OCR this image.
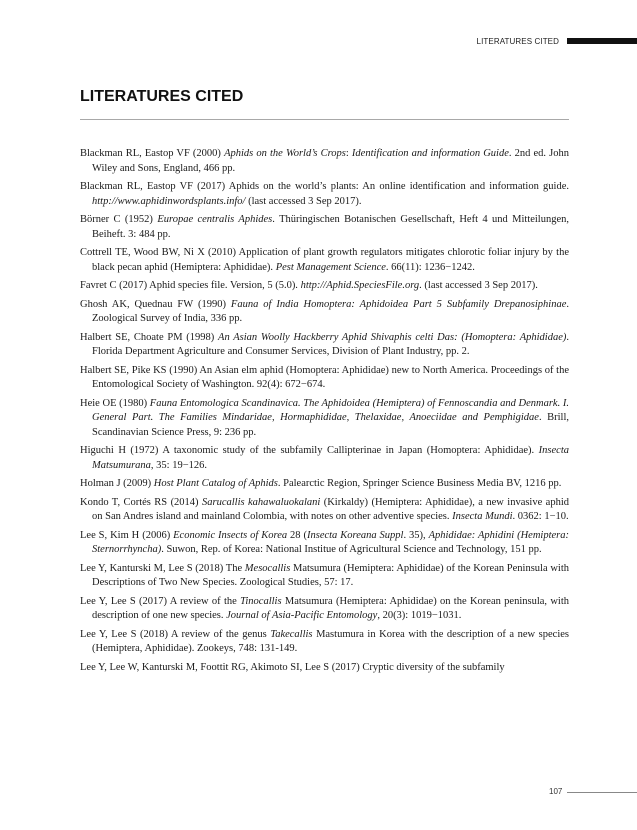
LITERATURES CITED
LITERATURES CITED
Blackman RL, Eastop VF (2000) Aphids on the World’s Crops: Identification and information Guide. 2nd ed. John Wiley and Sons, England, 466 pp.
Blackman RL, Eastop VF (2017) Aphids on the world’s plants: An online identification and information guide. http://www.aphidinwordsplants.info/ (last accessed 3 Sep 2017).
Börner C (1952) Europae centralis Aphides. Thüringischen Botanischen Gesellschaft, Heft 4 und Mitteilungen, Beiheft. 3: 484 pp.
Cottrell TE, Wood BW, Ni X (2010) Application of plant growth regulators mitigates chlorotic foliar injury by the black pecan aphid (Hemiptera: Aphididae). Pest Management Science. 66(11): 1236−1242.
Favret C (2017) Aphid species file. Version, 5 (5.0). http://Aphid.SpeciesFile.org. (last accessed 3 Sep 2017).
Ghosh AK, Quednau FW (1990) Fauna of India Homoptera: Aphidoidea Part 5 Subfamily Drepanosiphinae. Zoological Survey of India, 336 pp.
Halbert SE, Choate PM (1998) An Asian Woolly Hackberry Aphid Shivaphis celti Das: (Homoptera: Aphididae). Florida Department Agriculture and Consumer Services, Division of Plant Industry, pp. 2.
Halbert SE, Pike KS (1990) An Asian elm aphid (Homoptera: Aphididae) new to North America. Proceedings of the Entomological Society of Washington. 92(4): 672−674.
Heie OE (1980) Fauna Entomologica Scandinavica. The Aphidoidea (Hemiptera) of Fennoscandia and Denmark. I. General Part. The Families Mindaridae, Hormaphididae, Thelaxidae, Anoeciidae and Pemphigidae. Brill, Scandinavian Science Press, 9: 236 pp.
Higuchi H (1972) A taxonomic study of the subfamily Callipterinae in Japan (Homoptera: Aphididae). Insecta Matsumurana, 35: 19−126.
Holman J (2009) Host Plant Catalog of Aphids. Palearctic Region, Springer Science Business Media BV, 1216 pp.
Kondo T, Cortés RS (2014) Sarucallis kahawaluokalani (Kirkaldy) (Hemiptera: Aphididae), a new invasive aphid on San Andres island and mainland Colombia, with notes on other adventive species. Insecta Mundi. 0362: 1−10.
Lee S, Kim H (2006) Economic Insects of Korea 28 (Insecta Koreana Suppl. 35), Aphididae: Aphidini (Hemiptera: Sternorrhyncha). Suwon, Rep. of Korea: National Institue of Agricultural Science and Technology, 151 pp.
Lee Y, Kanturski M, Lee S (2018) The Mesocallis Matsumura (Hemiptera: Aphididae) of the Korean Peninsula with Descriptions of Two New Species. Zoological Studies, 57: 17.
Lee Y, Lee S (2017) A review of the Tinocallis Matsumura (Hemiptera: Aphididae) on the Korean peninsula, with description of one new species. Journal of Asia-Pacific Entomology, 20(3): 1019−1031.
Lee Y, Lee S (2018) A review of the genus Takecallis Mastumura in Korea with the description of a new species (Hemiptera, Aphididae). Zookeys, 748: 131-149.
Lee Y, Lee W, Kanturski M, Foottit RG, Akimoto SI, Lee S (2017) Cryptic diversity of the subfamily
107
